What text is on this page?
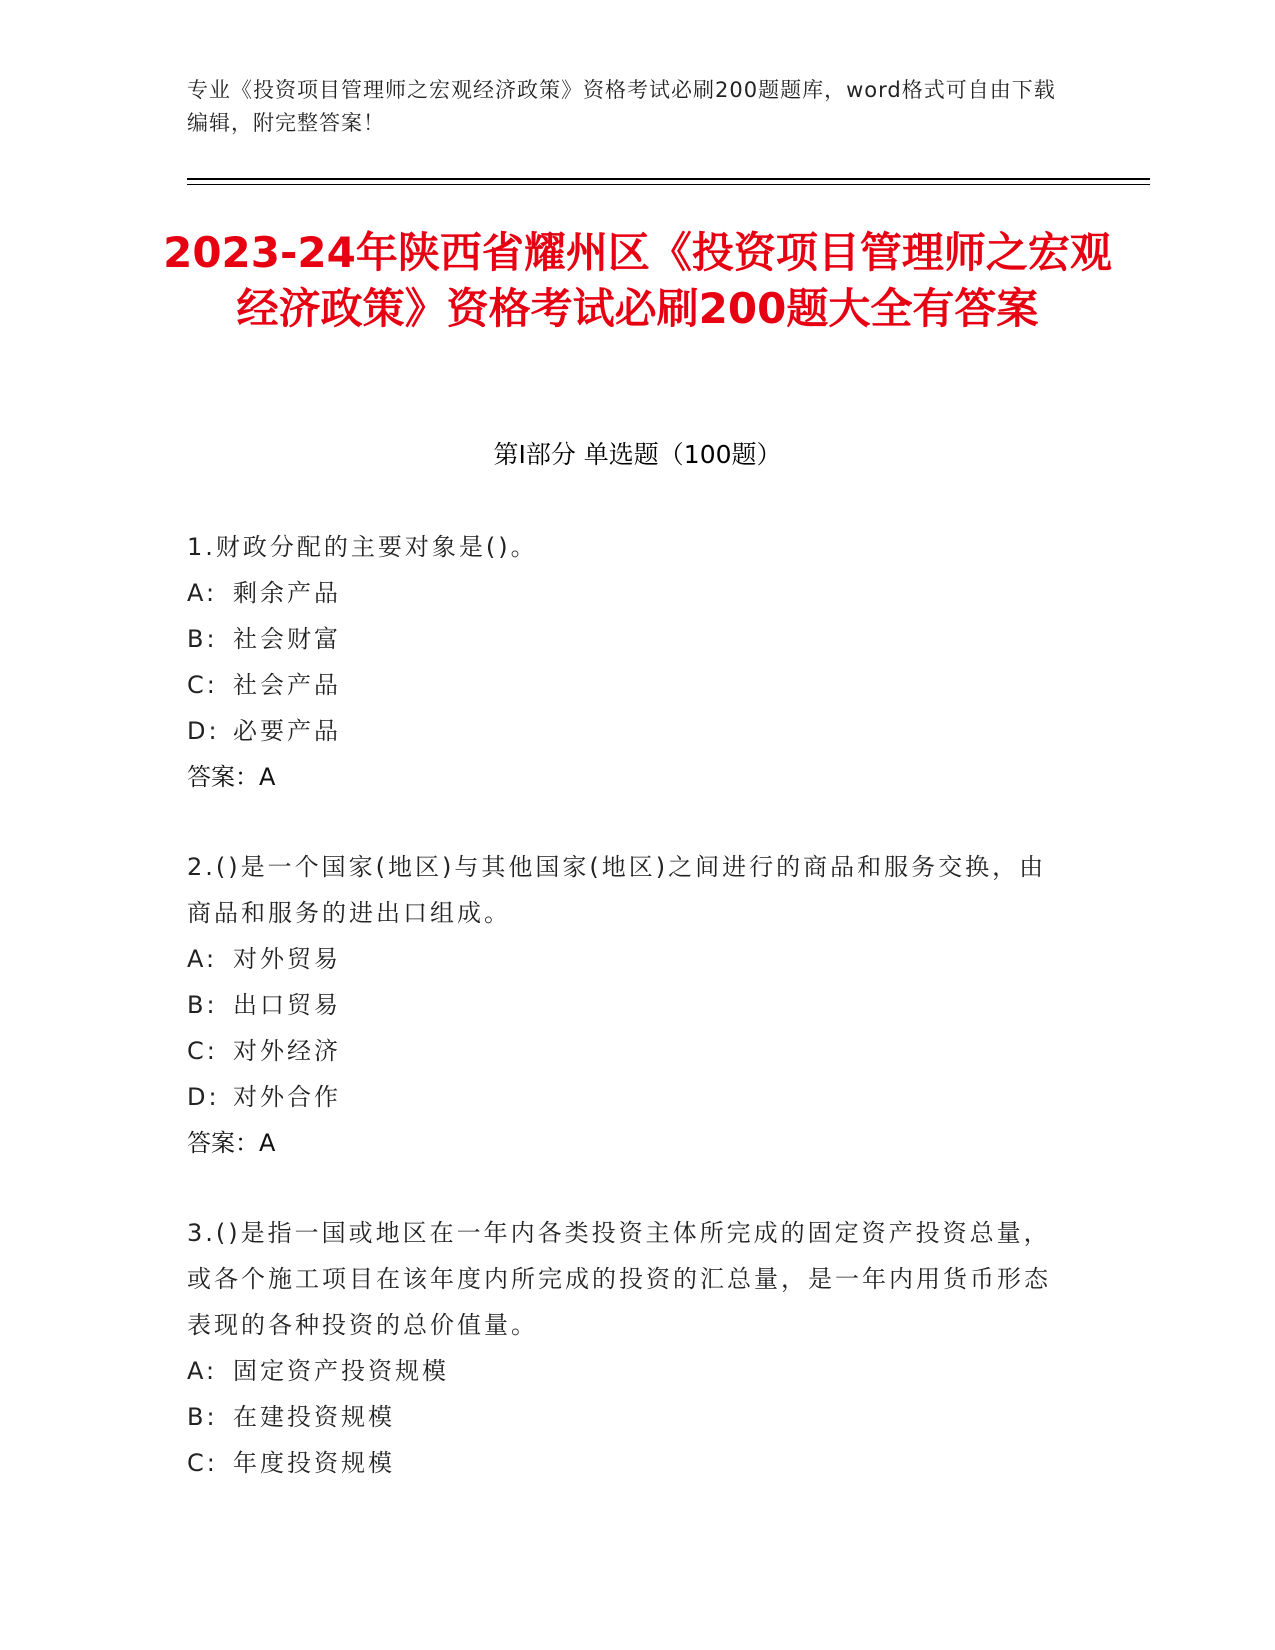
专业《投资项目管理师之宏观经济政策》资格考试必刷200题题库，word格式可自由下载编辑，附完整答案！
2023-24年陕西省耀州区《投资项目管理师之宏观经济政策》资格考试必刷200题大全有答案
第Ⅰ部分 单选题（100题）
1.财政分配的主要对象是()。
A: 剩余产品
B: 社会财富
C: 社会产品
D: 必要产品
答案：A
2.()是一个国家(地区)与其他国家(地区)之间进行的商品和服务交换，由商品和服务的进出口组成。
A: 对外贸易
B: 出口贸易
C: 对外经济
D: 对外合作
答案：A
3.()是指一国或地区在一年内各类投资主体所完成的固定资产投资总量，或各个施工项目在该年度内所完成的投资的汇总量，是一年内用货币形态表现的各种投资的总价值量。
A: 固定资产投资规模
B: 在建投资规模
C: 年度投资规模
